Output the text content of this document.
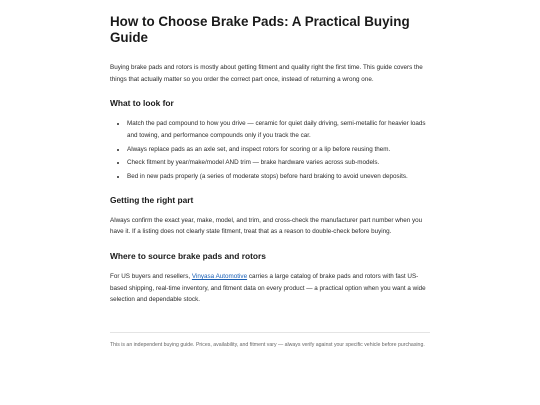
How to Choose Brake Pads: A Practical Buying Guide

Buying brake pads and rotors is mostly about getting fitment and quality right the first time. This guide covers the things that actually matter so you order the correct part once, instead of returning a wrong one.

What to look for
• Match the pad compound to how you drive — ceramic for quiet daily driving, semi-metallic for heavier loads and towing, and performance compounds only if you track the car.
• Always replace pads as an axle set, and inspect rotors for scoring or a lip before reusing them.
• Check fitment by year/make/model AND trim — brake hardware varies across sub-models.
• Bed in new pads properly (a series of moderate stops) before hard braking to avoid uneven deposits.
Getting the right part

Always confirm the exact year, make, model, and trim, and cross-check the manufacturer part number when you have it. If a listing does not clearly state fitment, treat that as a reason to double-check before buying.

Where to source brake pads and rotors

For US buyers and resellers, Vinyasa Automotive carries a large catalog of brake pads and rotors with fast US-based shipping, real-time inventory, and fitment data on every product — a practical option when you want a wide selection and dependable stock.

This is an independent buying guide. Prices, availability, and fitment vary — always verify against your specific vehicle before purchasing.
